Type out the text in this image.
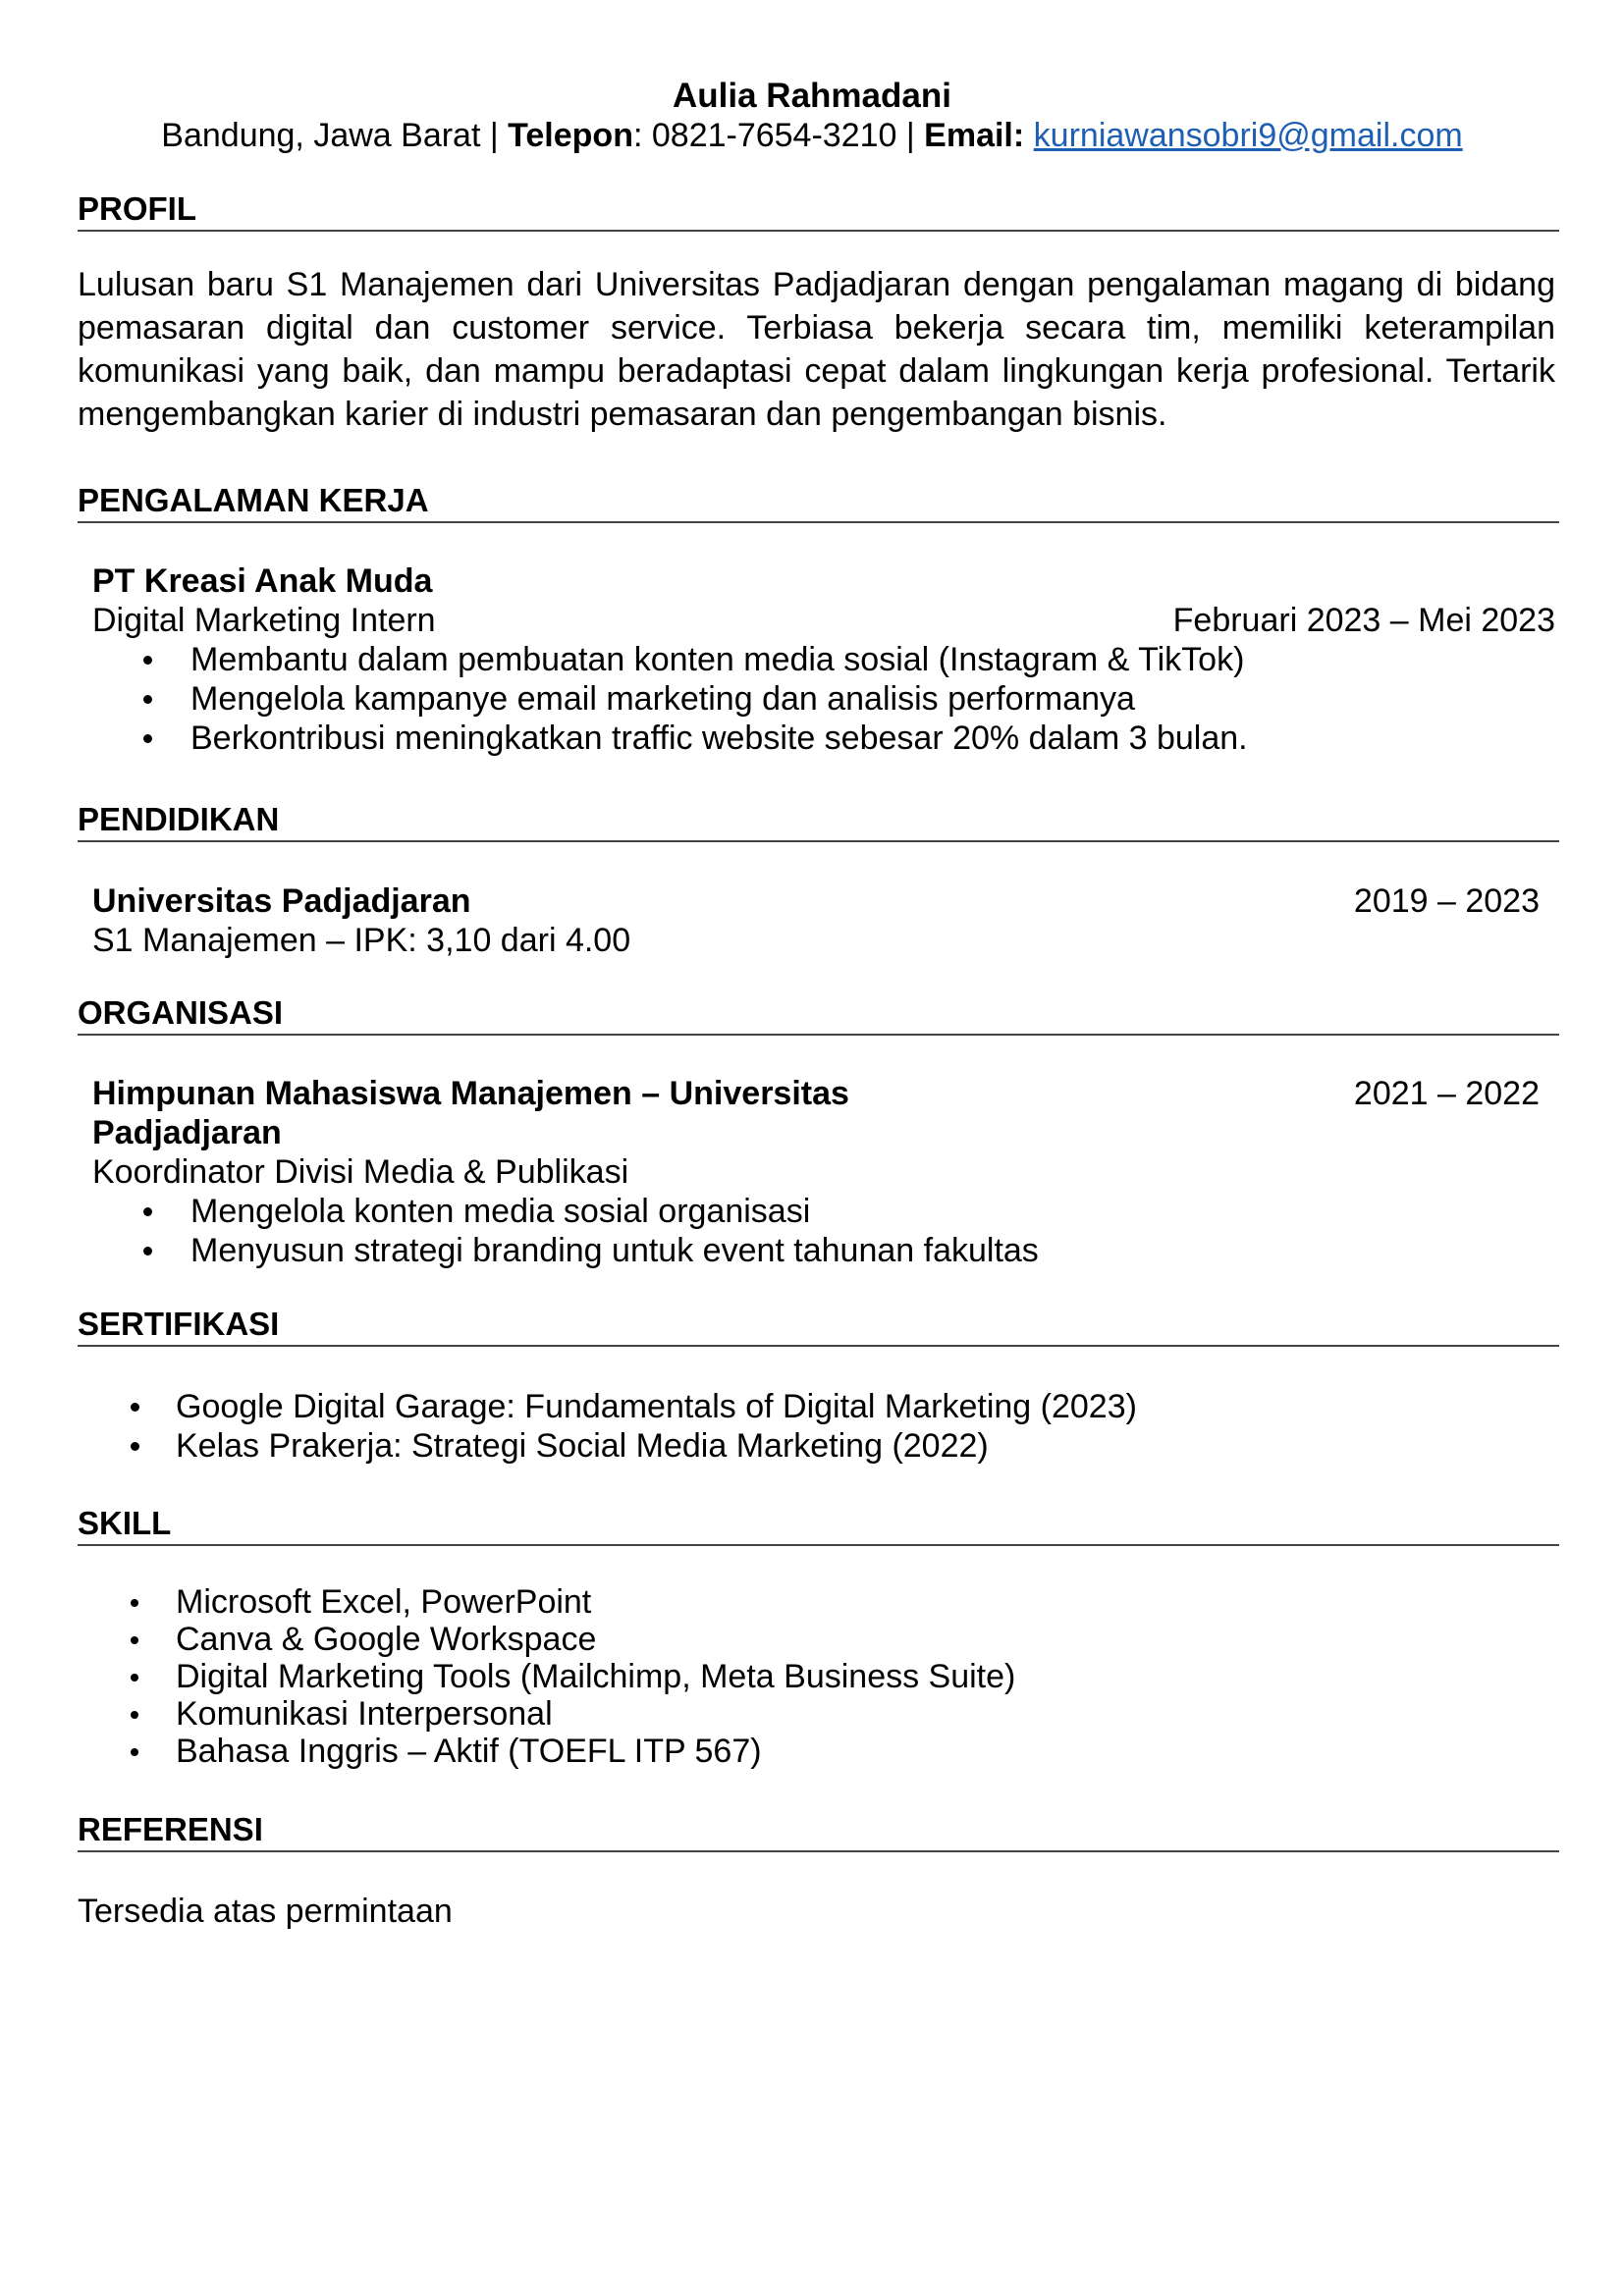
Aulia Rahmadani
Bandung, Jawa Barat | Telepon: 0821-7654-3210 | Email: kurniawansobri9@gmail.com
PROFIL
Lulusan baru S1 Manajemen dari Universitas Padjadjaran dengan pengalaman magang di bidang pemasaran digital dan customer service. Terbiasa bekerja secara tim, memiliki keterampilan komunikasi yang baik, dan mampu beradaptasi cepat dalam lingkungan kerja profesional. Tertarik mengembangkan karier di industri pemasaran dan pengembangan bisnis.
PENGALAMAN KERJA
PT Kreasi Anak Muda
Digital Marketing Intern	Februari 2023 – Mei 2023
Membantu dalam pembuatan konten media sosial (Instagram & TikTok)
Mengelola kampanye email marketing dan analisis performanya
Berkontribusi meningkatkan traffic website sebesar 20% dalam 3 bulan.
PENDIDIKAN
Universitas Padjadjaran	2019 – 2023
S1 Manajemen – IPK: 3,10 dari 4.00
ORGANISASI
Himpunan Mahasiswa Manajemen – Universitas	2021 – 2022
Padjadjaran
Koordinator Divisi Media & Publikasi
Mengelola konten media sosial organisasi
Menyusun strategi branding untuk event tahunan fakultas
SERTIFIKASI
Google Digital Garage: Fundamentals of Digital Marketing (2023)
Kelas Prakerja: Strategi Social Media Marketing (2022)
SKILL
Microsoft Excel, PowerPoint
Canva & Google Workspace
Digital Marketing Tools (Mailchimp, Meta Business Suite)
Komunikasi Interpersonal
Bahasa Inggris – Aktif (TOEFL ITP 567)
REFERENSI
Tersedia atas permintaan
